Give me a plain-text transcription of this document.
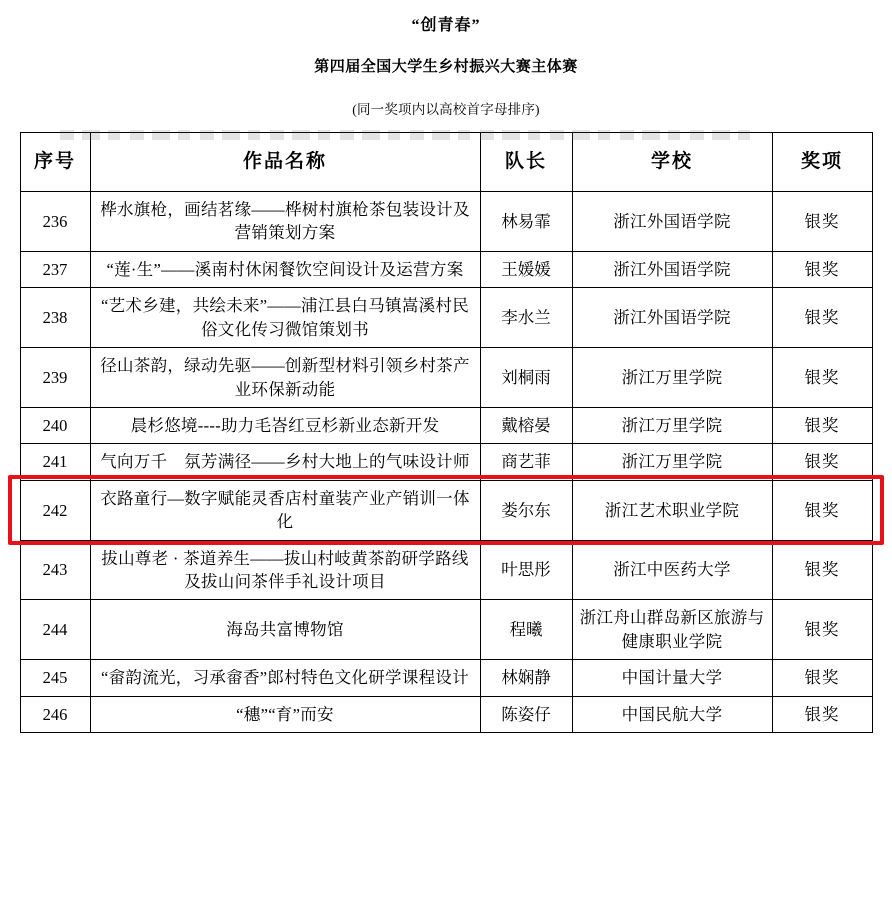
“创青春”
第四届全国大学生乡村振兴大赛主体赛
(同一奖项内以高校首字母排序)
序号	作品名称	队长	学校	奖项
236	桦水旗枪，画结茗缘——桦树村旗枪茶包装设计及营销策划方案	林易霏	浙江外国语学院	银奖
237	“莲·生”——溪南村休闲餐饮空间设计及运营方案	王媛媛	浙江外国语学院	银奖
238	“艺术乡建，共绘未来”——浦江县白马镇嵩溪村民俗文化传习微馆策划书	李水兰	浙江外国语学院	银奖
239	径山茶韵，绿动先驱——创新型材料引领乡村茶产业环保新动能	刘桐雨	浙江万里学院	银奖
240	晨杉悠境----助力毛峇红豆杉新业态新开发	戴榕晏	浙江万里学院	银奖
241	气向万千　氛芳满径——乡村大地上的气味设计师	商艺菲	浙江万里学院	银奖
242	衣路童行—数字赋能灵香店村童装产业产销训一体化	娄尔东	浙江艺术职业学院	银奖
243	拔山尊老 · 茶道养生——拔山村岐黄茶韵研学路线及拔山问茶伴手礼设计项目	叶思彤	浙江中医药大学	银奖
244	海岛共富博物馆	程曦	浙江舟山群岛新区旅游与健康职业学院	银奖
245	“畲韵流光，习承畲香”郎村特色文化研学课程设计	林娴静	中国计量大学	银奖
246	“穗”“育”而安	陈姿仔	中国民航大学	银奖
